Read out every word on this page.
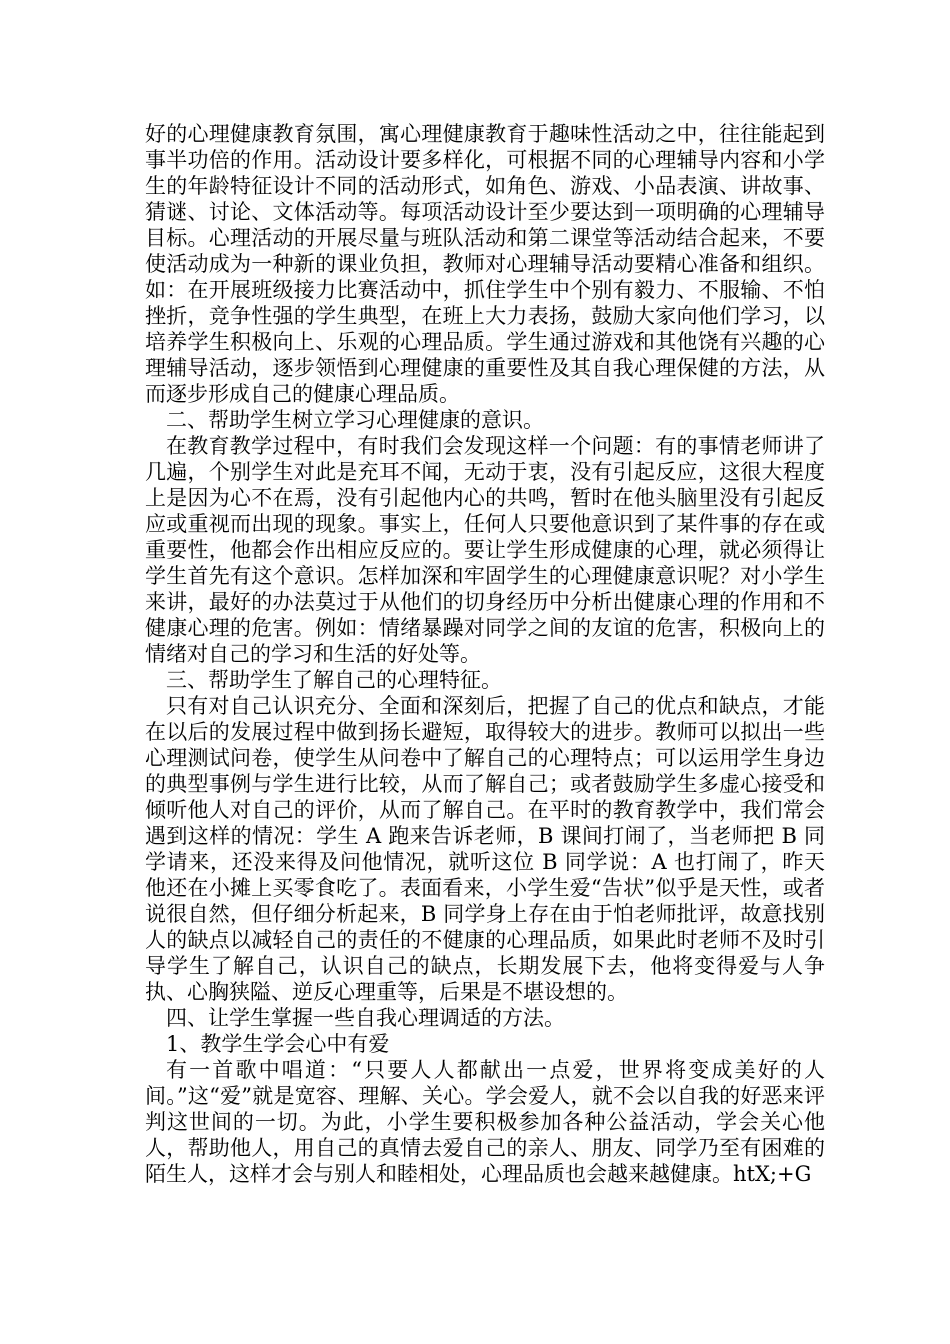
好的心理健康教育氛围，寓心理健康教育于趣味性活动之中，往往能起到事半功倍的作用。活动设计要多样化，可根据不同的心理辅导内容和小学生的年龄特征设计不同的活动形式，如角色、游戏、小品表演、讲故事、猜谜、讨论、文体活动等。每项活动设计至少要达到一项明确的心理辅导目标。心理活动的开展尽量与班队活动和第二课堂等活动结合起来，不要使活动成为一种新的课业负担，教师对心理辅导活动要精心准备和组织。如：在开展班级接力比赛活动中，抓住学生中个别有毅力、不服输、不怕挫折，竞争性强的学生典型，在班上大力表扬，鼓励大家向他们学习，以培养学生积极向上、乐观的心理品质。学生通过游戏和其他饶有兴趣的心理辅导活动，逐步领悟到心理健康的重要性及其自我心理保健的方法，从而逐步形成自己的健康心理品质。

二、帮助学生树立学习心理健康的意识。

在教育教学过程中，有时我们会发现这样一个问题：有的事情老师讲了几遍，个别学生对此是充耳不闻，无动于衷，没有引起反应，这很大程度上是因为心不在焉，没有引起他内心的共鸣，暂时在他头脑里没有引起反应或重视而出现的现象。事实上，任何人只要他意识到了某件事的存在或重要性，他都会作出相应反应的。要让学生形成健康的心理，就必须得让学生首先有这个意识。怎样加深和牢固学生的心理健康意识呢？对小学生来讲，最好的办法莫过于从他们的切身经历中分析出健康心理的作用和不健康心理的危害。例如：情绪暴躁对同学之间的友谊的危害，积极向上的情绪对自己的学习和生活的好处等。

三、帮助学生了解自己的心理特征。

只有对自己认识充分、全面和深刻后，把握了自己的优点和缺点，才能在以后的发展过程中做到扬长避短，取得较大的进步。教师可以拟出一些心理测试问卷，使学生从问卷中了解自己的心理特点；可以运用学生身边的典型事例与学生进行比较，从而了解自己；或者鼓励学生多虚心接受和倾听他人对自己的评价，从而了解自己。在平时的教育教学中，我们常会遇到这样的情况：学生 A 跑来告诉老师，B 课间打闹了，当老师把 B 同学请来，还没来得及问他情况，就听这位 B 同学说：A 也打闹了，昨天他还在小摊上买零食吃了。表面看来，小学生爱“告状”似乎是天性，或者说很自然，但仔细分析起来，B 同学身上存在由于怕老师批评，故意找别人的缺点以减轻自己的责任的不健康的心理品质，如果此时老师不及时引导学生了解自己，认识自己的缺点，长期发展下去，他将变得爱与人争执、心胸狭隘、逆反心理重等，后果是不堪设想的。

四、让学生掌握一些自我心理调适的方法。

1、教学生学会心中有爱

有一首歌中唱道：“只要人人都献出一点爱，世界将变成美好的人间。”这“爱”就是宽容、理解、关心。学会爱人，就不会以自我的好恶来评判这世间的一切。为此，小学生要积极参加各种公益活动，学会关心他人，帮助他人，用自己的真情去爱自己的亲人、朋友、同学乃至有困难的陌生人，这样才会与别人和睦相处，心理品质也会越来越健康。htX;+G
